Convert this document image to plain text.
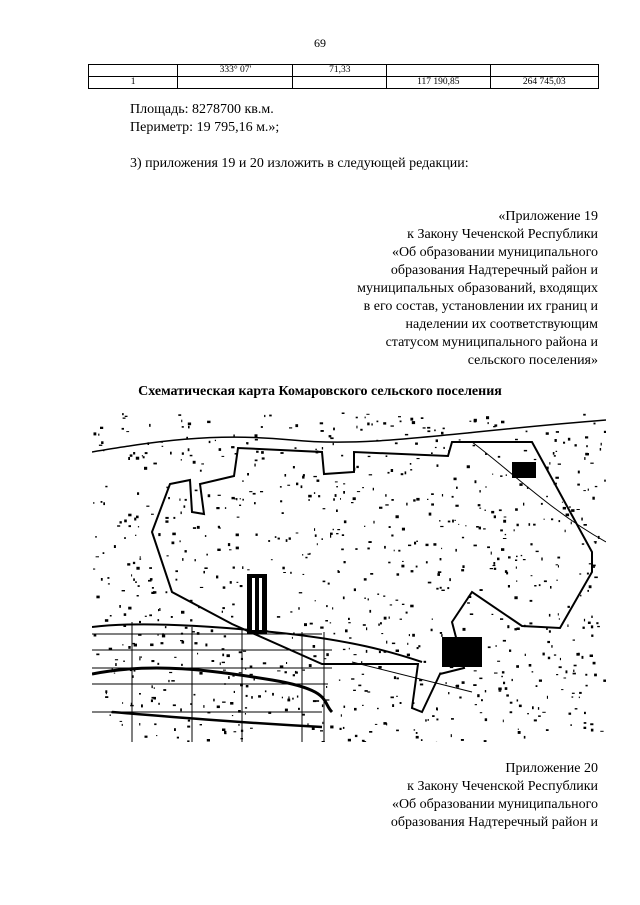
69
	333° 07'	71,33		
1			117 190,85	264 745,03
Площадь: 8278700 кв.м.
Периметр: 19 795,16 м.»;
3) приложения 19 и 20 изложить в следующей редакции:
«Приложение 19
к Закону Чеченской Республики
«Об образовании муниципального
образования Надтеречный район и
муниципальных образований, входящих
в его состав, установлении их границ и
наделении их соответствующим
статусом муниципального района и
сельского поселения»
Схематическая карта Комаровского сельского поселения
Приложение 20
к Закону Чеченской Республики
«Об образовании муниципального
образования Надтеречный район и
